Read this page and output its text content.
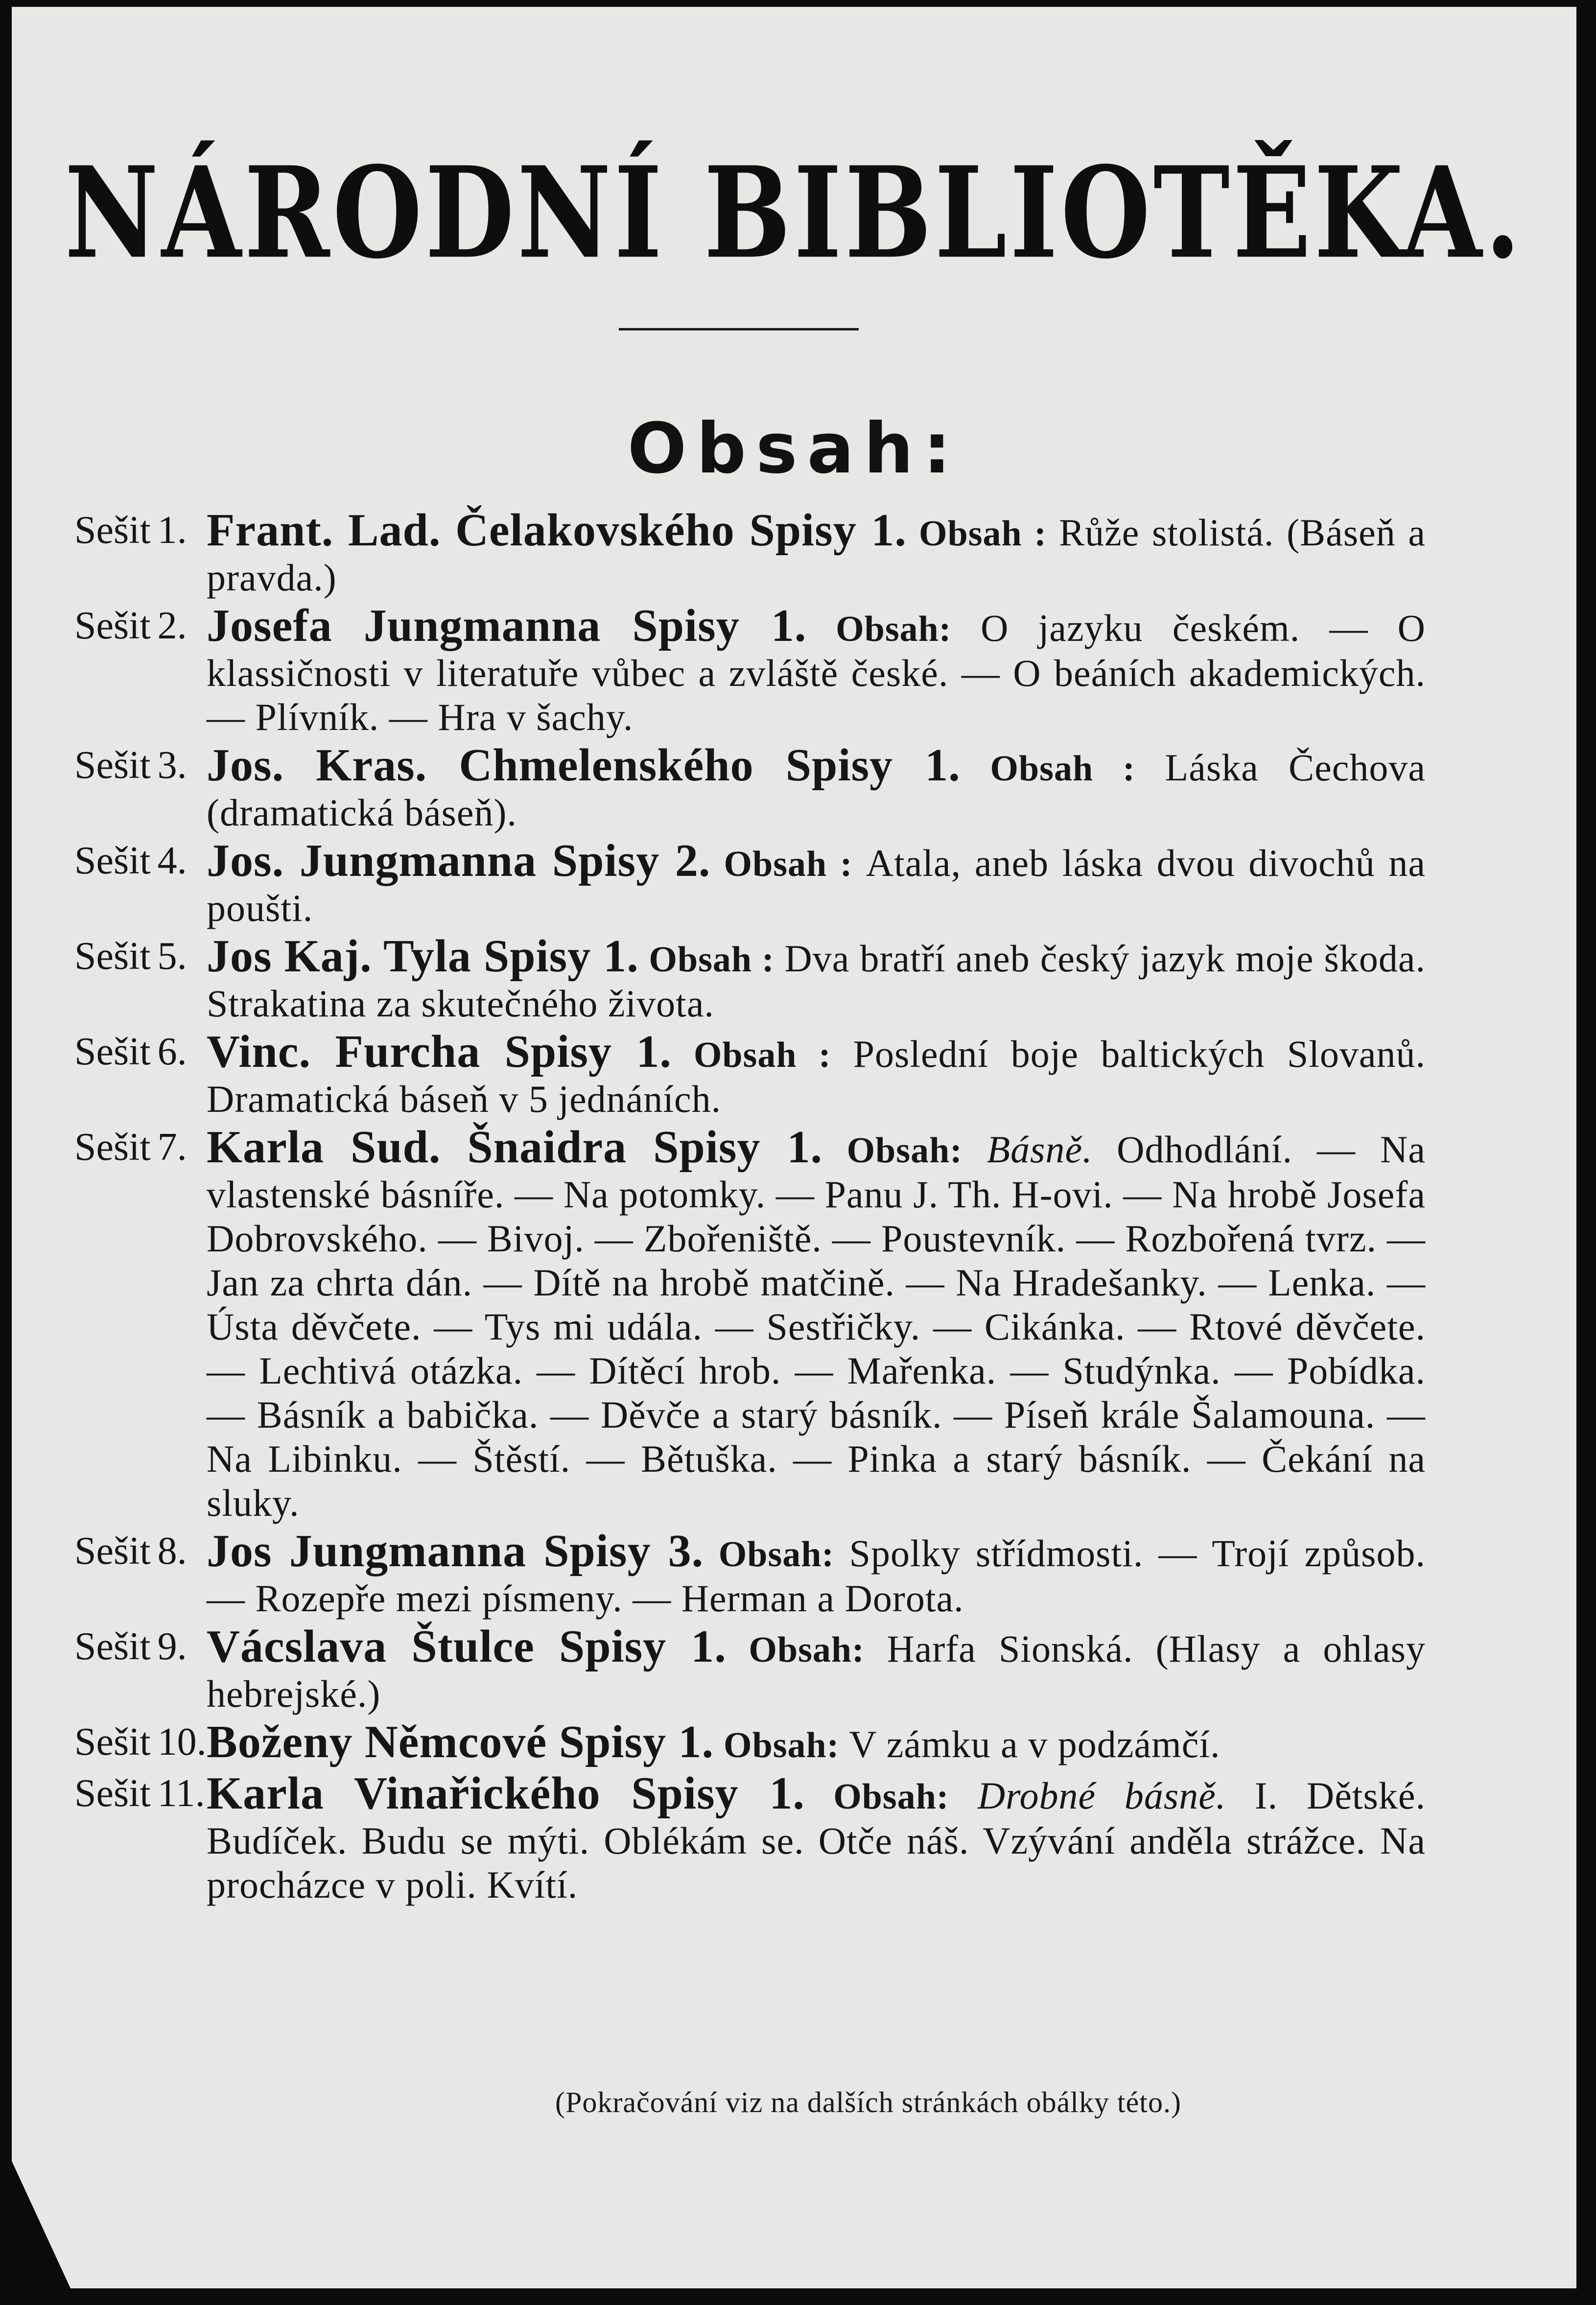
NÁRODNÍ BIBLIOTĚKA.
Obsah:
Sešit 1. Frant. Lad. Čelakovského Spisy 1. Obsah : Růže stolistá. (Báseň a pravda.)
Sešit 2. Josefa Jungmanna Spisy 1. Obsah: O jazyku českém. — O klassičnosti v literatuře vůbec a zvláště české. — O beáních akademických. — Plívník. — Hra v šachy.
Sešit 3. Jos. Kras. Chmelenského Spisy 1. Obsah : Láska Čechova (dramatická báseň).
Sešit 4. Jos. Jungmanna Spisy 2. Obsah : Atala, aneb láska dvou divochů na poušti.
Sešit 5. Jos Kaj. Tyla Spisy 1. Obsah : Dva bratří aneb český jazyk moje škoda. Strakatina za skutečného života.
Sešit 6. Vinc. Furcha Spisy 1. Obsah : Poslední boje baltických Slovanů. Dramatická báseň v 5 jednáních.
Sešit 7. Karla Sud. Šnaidra Spisy 1. Obsah: Básně. Odhodlání. — Na vlastenské básníře. — Na potomky. — Panu J. Th. H-ovi. — Na hrobě Josefa Dobrovského. — Bivoj. — Zbořeniště. — Poustevník. — Rozbořená tvrz. — Jan za chrta dán. — Dítě na hrobě matčině. — Na Hradešanky. — Lenka. — Ústa děvčete. — Tys mi udála. — Sestřičky. — Cikánka. — Rtové děvčete. — Lechtivá otázka. — Dítěcí hrob. — Mařenka. — Studýnka. — Pobídka. — Básník a babička. — Děvče a starý básník. — Píseň krále Šalamouna. — Na Libinku. — Štěstí. — Bětuška. — Pinka a starý básník. — Čekání na sluky.
Sešit 8. Jos Jungmanna Spisy 3. Obsah: Spolky střídmosti. — Trojí způsob. — Rozepře mezi písmeny. — Herman a Dorota.
Sešit 9. Vácslava Štulce Spisy 1. Obsah: Harfa Sionská. (Hlasy a ohlasy hebrejské.)
Sešit 10. Boženy Němcové Spisy 1. Obsah: V zámku a v podzámčí.
Sešit 11. Karla Vinařického Spisy 1. Obsah: Drobné básně. I. Dětské. Budíček. Budu se mýti. Oblékám se. Otče náš. Vzývání anděla strážce. Na procházce v poli. Kvítí.
(Pokračování viz na dalších stránkách obálky této.)
